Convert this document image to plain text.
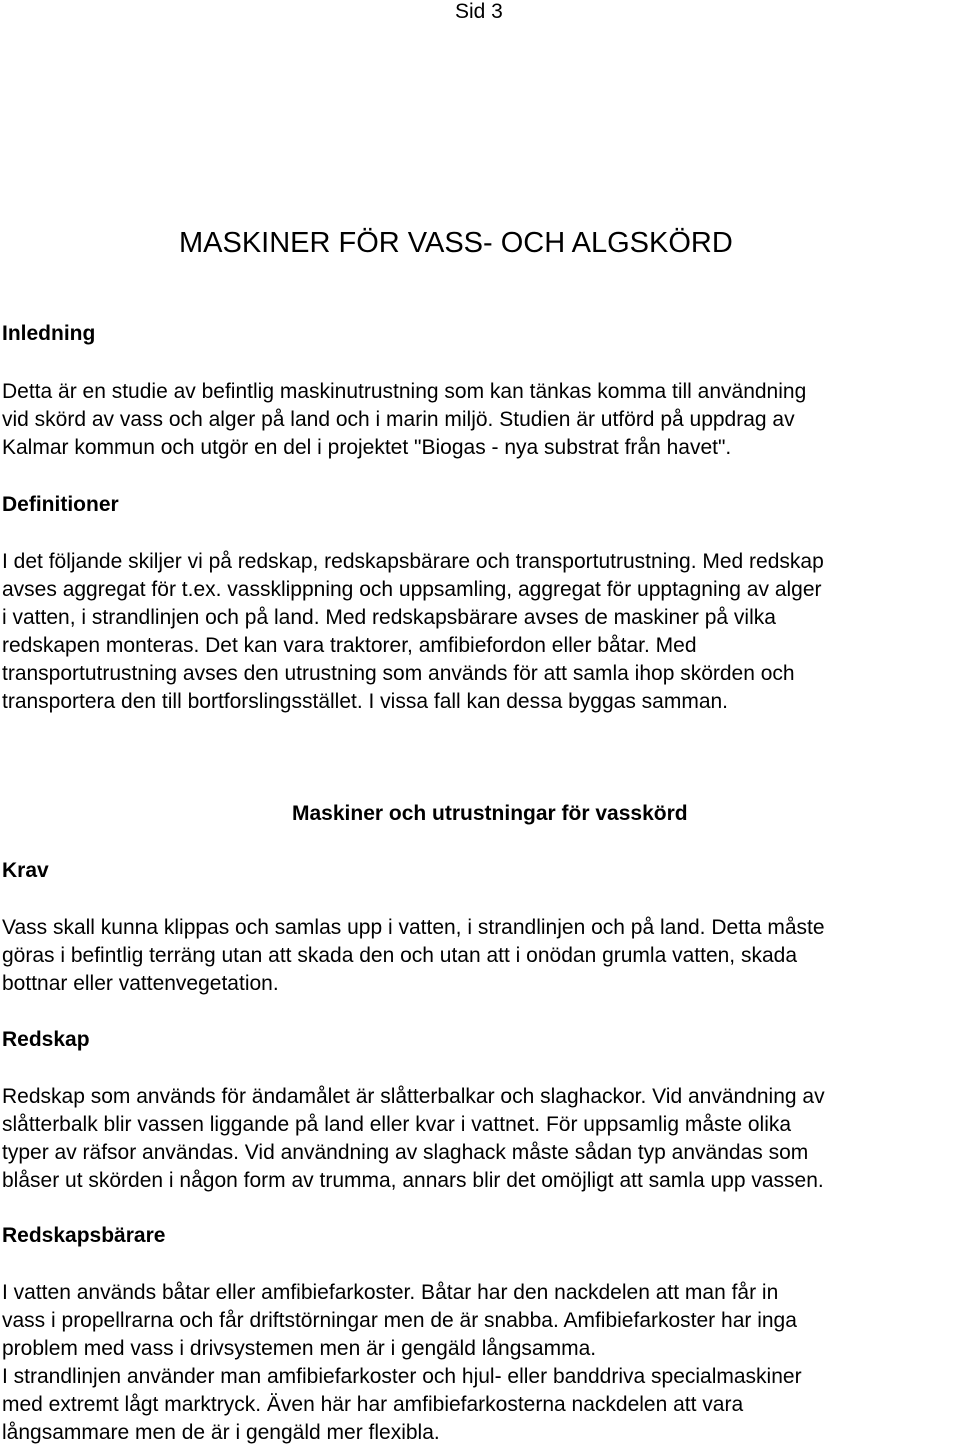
Sid 3
MASKINER FÖR VASS- OCH ALGSKÖRD
Inledning
Detta är en studie av befintlig maskinutrustning som kan tänkas komma till användning
vid skörd av vass och alger på land och i marin miljö. Studien är utförd på uppdrag av
Kalmar kommun och utgör en del i projektet "Biogas - nya substrat från havet".
Definitioner
I det följande skiljer vi på redskap, redskapsbärare och transportutrustning. Med redskap
avses aggregat för t.ex. vassklippning och uppsamling, aggregat för upptagning av alger
i vatten, i strandlinjen och på land. Med redskapsbärare avses de maskiner på vilka
redskapen monteras. Det kan vara traktorer, amfibiefordon eller båtar. Med
transportutrustning avses den utrustning som används för att samla ihop skörden och
transportera den till bortforslingsstället. I vissa fall kan dessa byggas samman.
Maskiner och utrustningar för vasskörd
Krav
Vass skall kunna klippas och samlas upp i vatten, i strandlinjen och på land. Detta måste
göras i befintlig terräng utan att skada den och utan att i onödan grumla vatten, skada
bottnar eller vattenvegetation.
Redskap
Redskap som används för ändamålet är slåtterbalkar och slaghackor. Vid användning av
slåtterbalk blir vassen liggande på land eller kvar i vattnet. För uppsamlig måste olika
typer av räfsor användas. Vid användning av slaghack måste sådan typ användas som
blåser ut skörden i någon form av trumma, annars blir det omöjligt att samla upp vassen.
Redskapsbärare
I vatten används båtar eller amfibiefarkoster. Båtar har den nackdelen att man får in
vass i propellrarna och får driftstörningar men de är snabba. Amfibiefarkoster har inga
problem med vass i drivsystemen men är i gengäld långsamma.
I strandlinjen använder man amfibiefarkoster och hjul- eller banddriva specialmaskiner
med extremt lågt marktryck. Även här har amfibiefarkosterna nackdelen att vara
långsammare men de är i gengäld mer flexibla.
